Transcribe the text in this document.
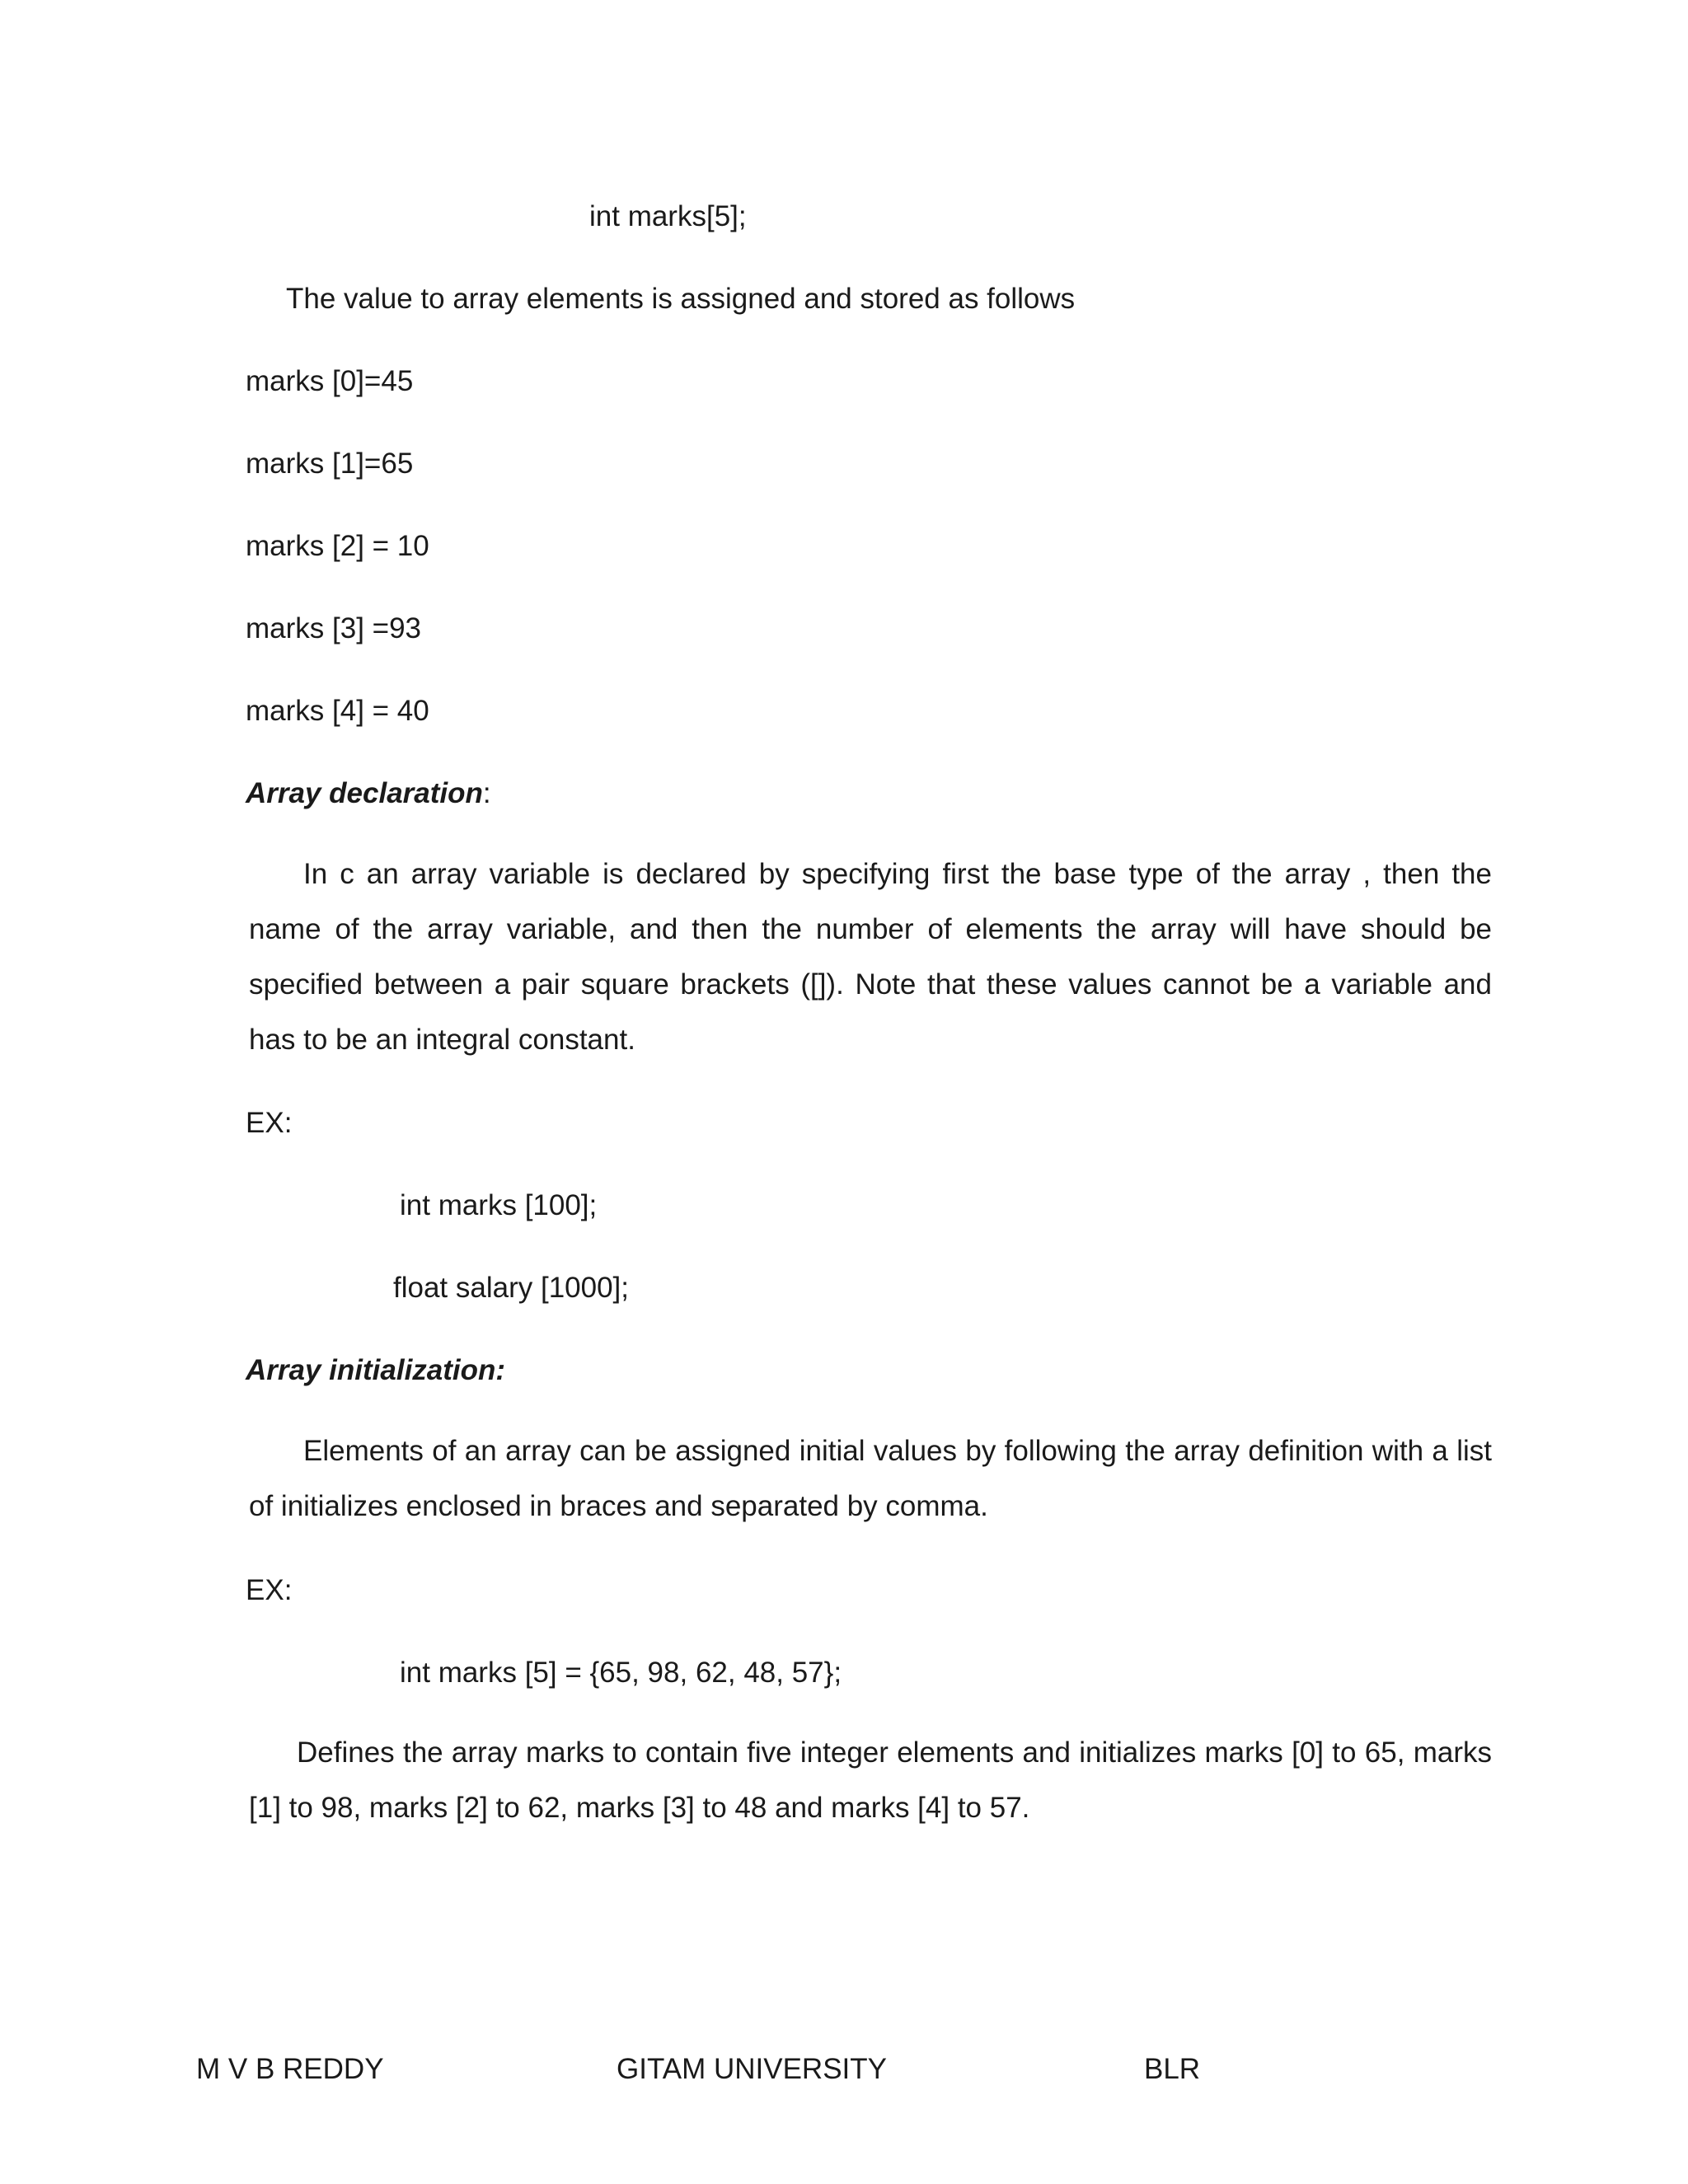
int marks[5];
The value to array elements is assigned and stored as follows
marks [0]=45
marks [1]=65
marks [2] = 10
marks [3] =93
marks [4] = 40
Array declaration:

In c an array variable is declared by specifying first the base type of the array , then the name of the array variable, and then the number of elements the array will have should be specified between a pair square brackets ([]). Note that these values cannot be a variable and has to be an integral constant.

EX:
int marks [100];
float salary [1000];
Array initialization:

Elements of an array can be assigned initial values by following the array definition with a list of initializes enclosed in braces and separated by comma.

EX:
int marks [5] = {65, 98, 62, 48, 57};

Defines the array marks to contain five integer elements and initializes marks [0] to 65, marks [1] to 98, marks [2] to 62, marks [3] to 48 and marks [4] to 57.

M V B REDDY	GITAM UNIVERSITY	BLR
